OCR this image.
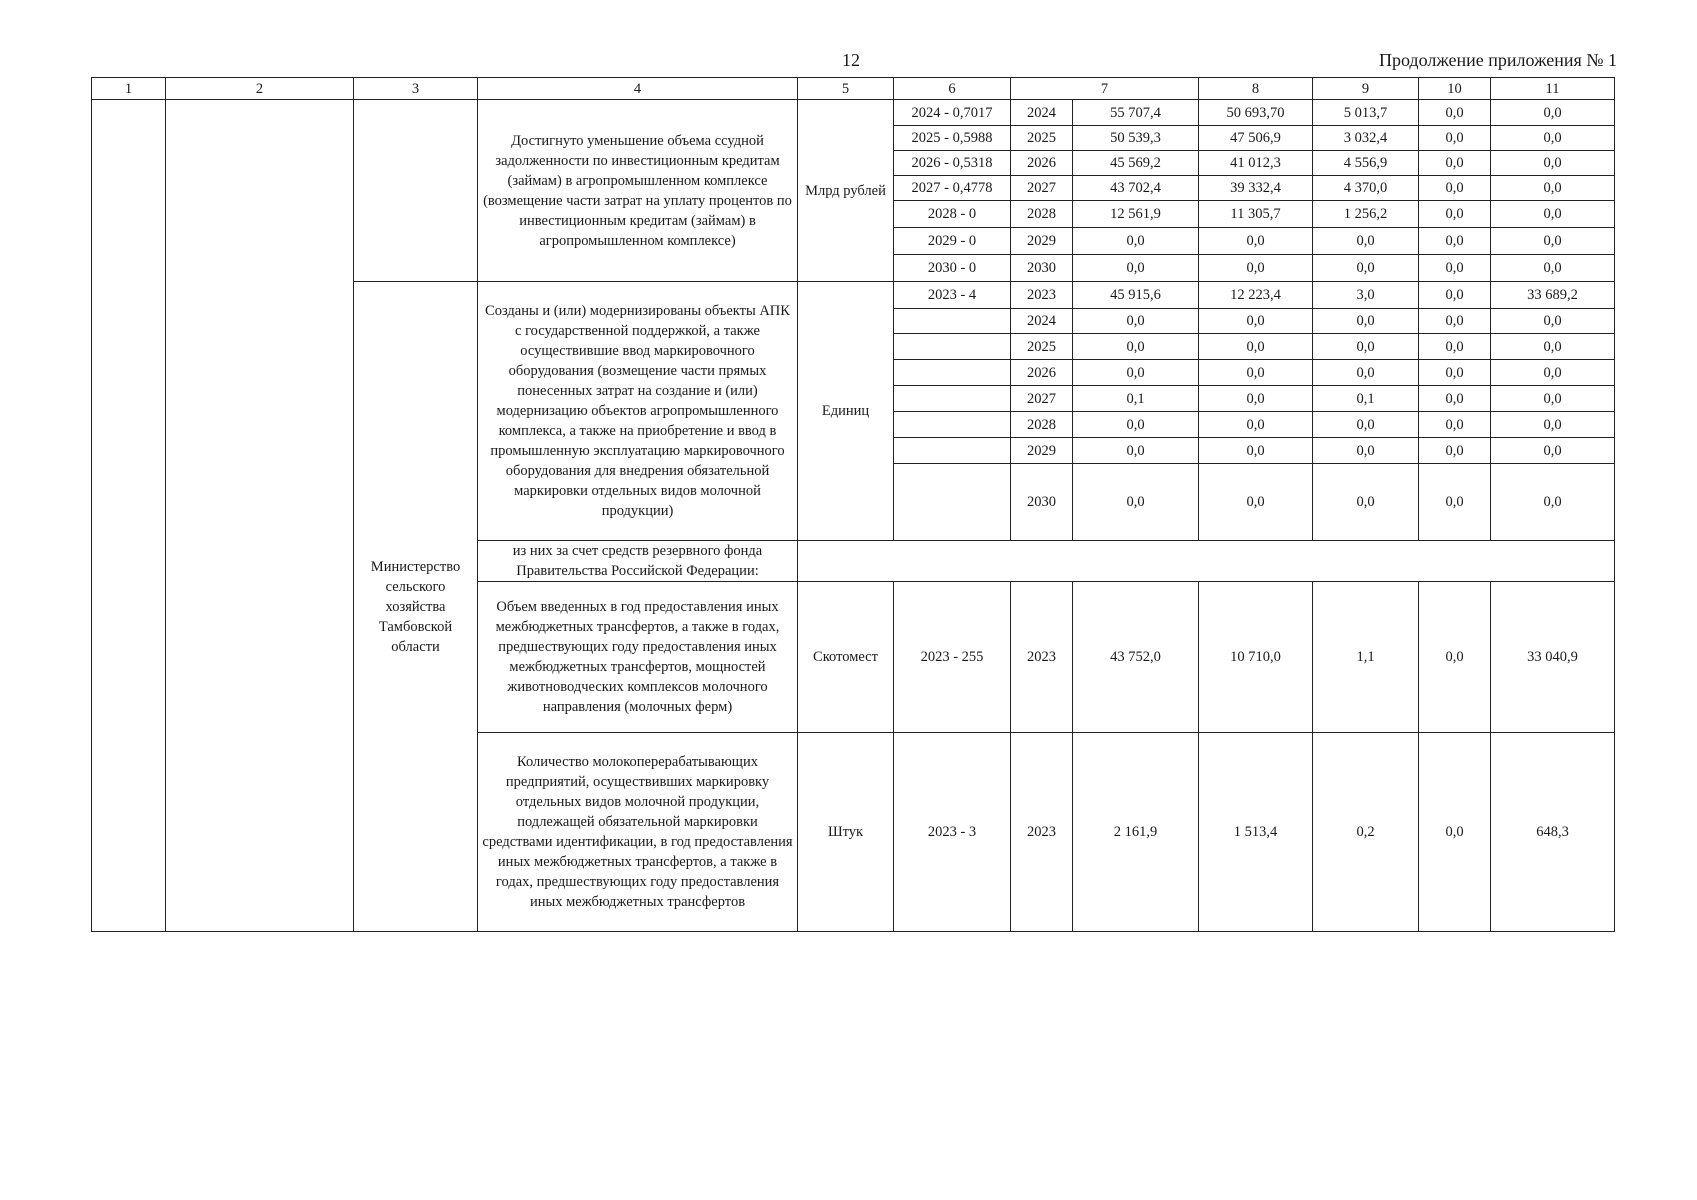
12	Продолжение приложения № 1
1	2	3	4	5	6	7		8	9	10	11
			Достигнуто уменьшение объема ссудной задолженности по инвестиционным кредитам (займам) в агропромышленном комплексе (возмещение части затрат на уплату процентов по инвестиционным кредитам (займам) в агропромышленном комплексе)	Млрд рублей	2024 - 0,7017	2024	55 707,4	50 693,70	5 013,7	0,0	0,0
					2025 - 0,5988	2025	50 539,3	47 506,9	3 032,4	0,0	0,0
					2026 - 0,5318	2026	45 569,2	41 012,3	4 556,9	0,0	0,0
					2027 - 0,4778	2027	43 702,4	39 332,4	4 370,0	0,0	0,0
					2028 - 0	2028	12 561,9	11 305,7	1 256,2	0,0	0,0
					2029 - 0	2029	0,0	0,0	0,0	0,0	0,0
					2030 - 0	2030	0,0	0,0	0,0	0,0	0,0
		Министерство сельского хозяйства Тамбовской области	Созданы и (или) модернизированы объекты АПК с государственной поддержкой, а также осуществившие ввод маркировочного оборудования (возмещение части прямых понесенных затрат на создание и (или) модернизацию объектов агропромышленного комплекса, а также на приобретение и ввод в промышленную эксплуатацию маркировочного оборудования для внедрения обязательной маркировки отдельных видов молочной продукции)	Единиц	2023 - 4	2023	45 915,6	12 223,4	3,0	0,0	33 689,2
						2024	0,0	0,0	0,0	0,0	0,0
						2025	0,0	0,0	0,0	0,0	0,0
						2026	0,0	0,0	0,0	0,0	0,0
						2027	0,1	0,0	0,1	0,0	0,0
						2028	0,0	0,0	0,0	0,0	0,0
						2029	0,0	0,0	0,0	0,0	0,0
						2030	0,0	0,0	0,0	0,0	0,0
			из них за счет средств резервного фонда Правительства Российской Федерации:								
			Объем введенных в год предоставления иных межбюджетных трансфертов, а также в годах, предшествующих году предоставления иных межбюджетных трансфертов, мощностей животноводческих комплексов молочного направления (молочных ферм)	Скотомест	2023 - 255	2023	43 752,0	10 710,0	1,1	0,0	33 040,9
			Количество молокоперерабатывающих предприятий, осуществивших маркировку отдельных видов молочной продукции, подлежащей обязательной маркировки средствами идентификации, в год предоставления иных межбюджетных трансфертов, а также в годах, предшествующих году предоставления иных межбюджетных трансфертов	Штук	2023 - 3	2023	2 161,9	1 513,4	0,2	0,0	648,3
